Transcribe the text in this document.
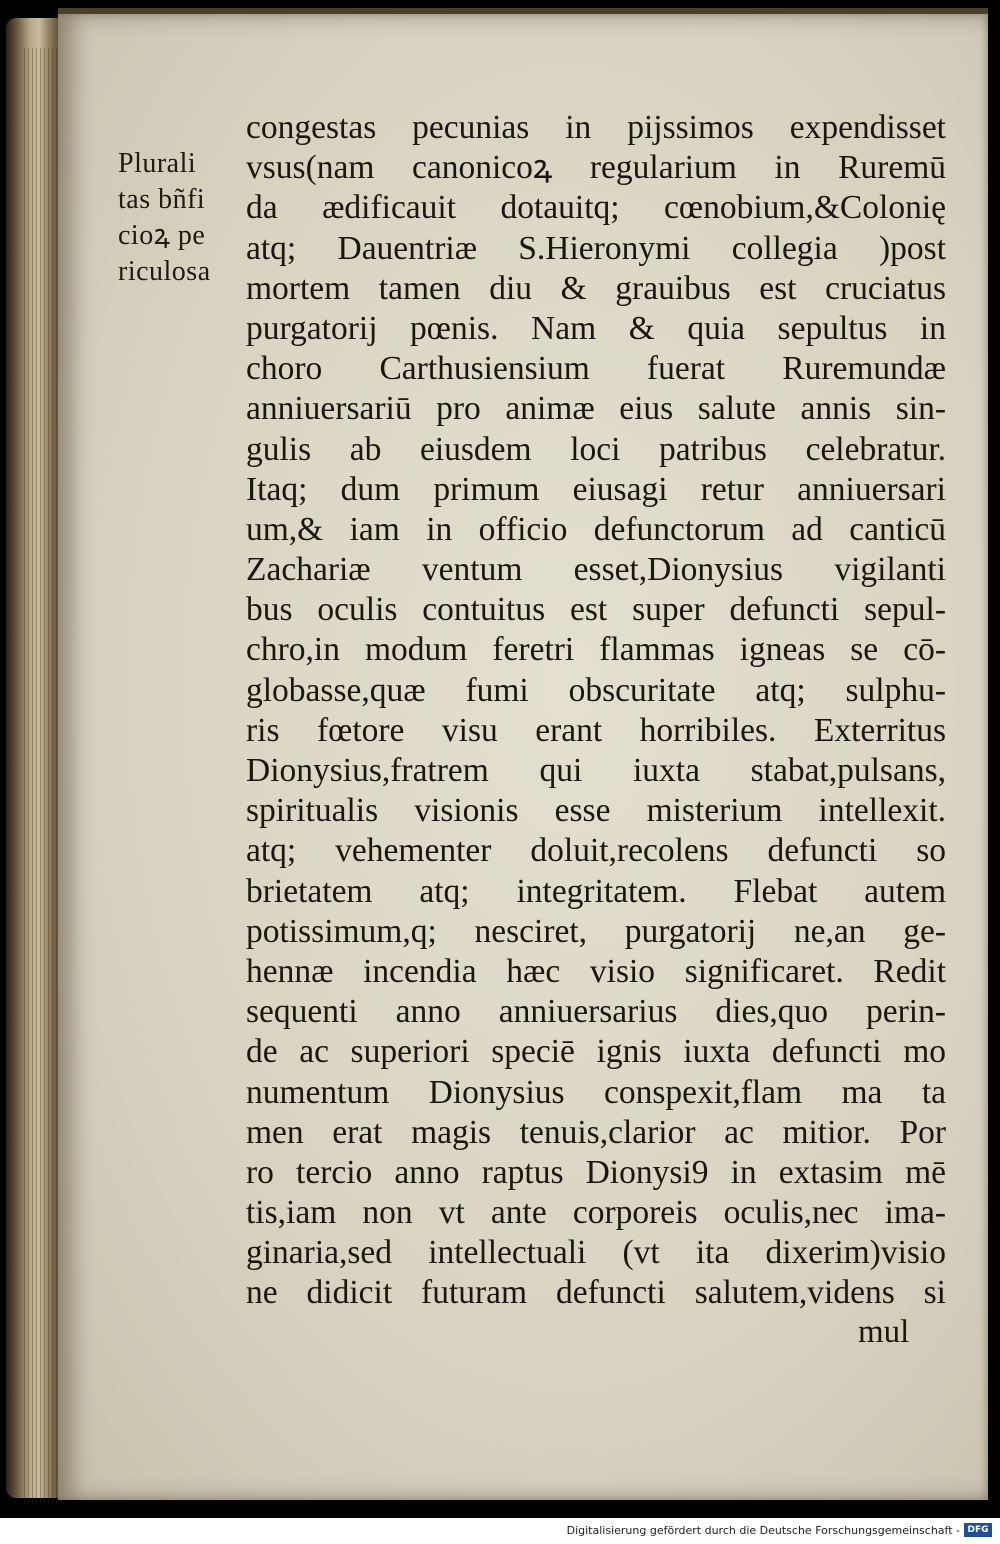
Plurali
tas bñfi
cioꝝ pe
riculosa
congestas pecunias in pijssimos expendisset
vsus(nam canonicoꝝ regularium in Ruremū
da ædificauit dotauitq; cœnobium,&Colonię
atq; Dauentriæ S.Hieronymi collegia )post
mortem tamen diu & grauibus est cruciatus
purgatorij pœnis. Nam & quia sepultus in
choro Carthusiensium fuerat Ruremundæ
anniuersariū pro animæ eius salute annis sin-
gulis ab eiusdem loci patribus celebratur.
Itaq; dum primum eiusagi retur anniuersari
um,& iam in officio defunctorum ad canticū
Zachariæ ventum esset,Dionysius vigilanti
bus oculis contuitus est super defuncti sepul-
chro,in modum feretri flammas igneas se cō-
globasse,quæ fumi obscuritate atq; sulphu-
ris fœtore visu erant horribiles. Exterritus
Dionysius,fratrem qui iuxta stabat,pulsans,
spiritualis visionis esse misterium intellexit.
atq; vehementer doluit,recolens defuncti so
brietatem atq; integritatem. Flebat autem
potissimum,q; nesciret, purgatorij ne,an ge-
hennæ incendia hæc visio significaret. Redit
sequenti anno anniuersarius dies,quo perin-
de ac superiori speciē ignis iuxta defuncti mo
numentum Dionysius conspexit,flam ma ta
men erat magis tenuis,clarior ac mitior. Por
ro tercio anno raptus Dionysi9 in extasim mē
tis,iam non vt ante corporeis oculis,nec ima-
ginaria,sed intellectuali (vt ita dixerim)visio
ne didicit futuram defuncti salutem,videns si
mul
Digitalisierung gefördert durch die Deutsche Forschungsgemeinschaft - DFG
